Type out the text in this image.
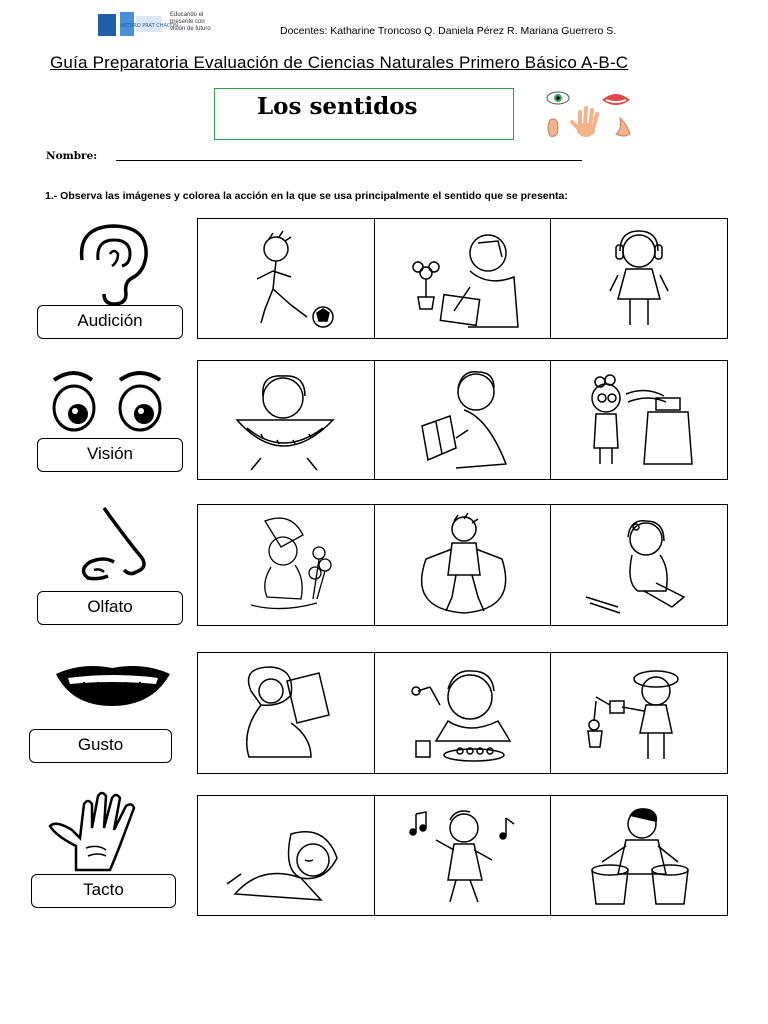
ARTURO PRAT CHACON
Educando el presente con visión de futuro	Docentes: Katharine Troncoso Q. Daniela Pérez R. Mariana Guerrero S.
Guía Preparatoria Evaluación de Ciencias Naturales Primero Básico A-B-C
Los sentidos
Nombre:
1.- Observa las imágenes y colorea la acción en la que se usa principalmente el sentido que se presenta:
Audición
Visión
Olfato
Gusto
Tacto
